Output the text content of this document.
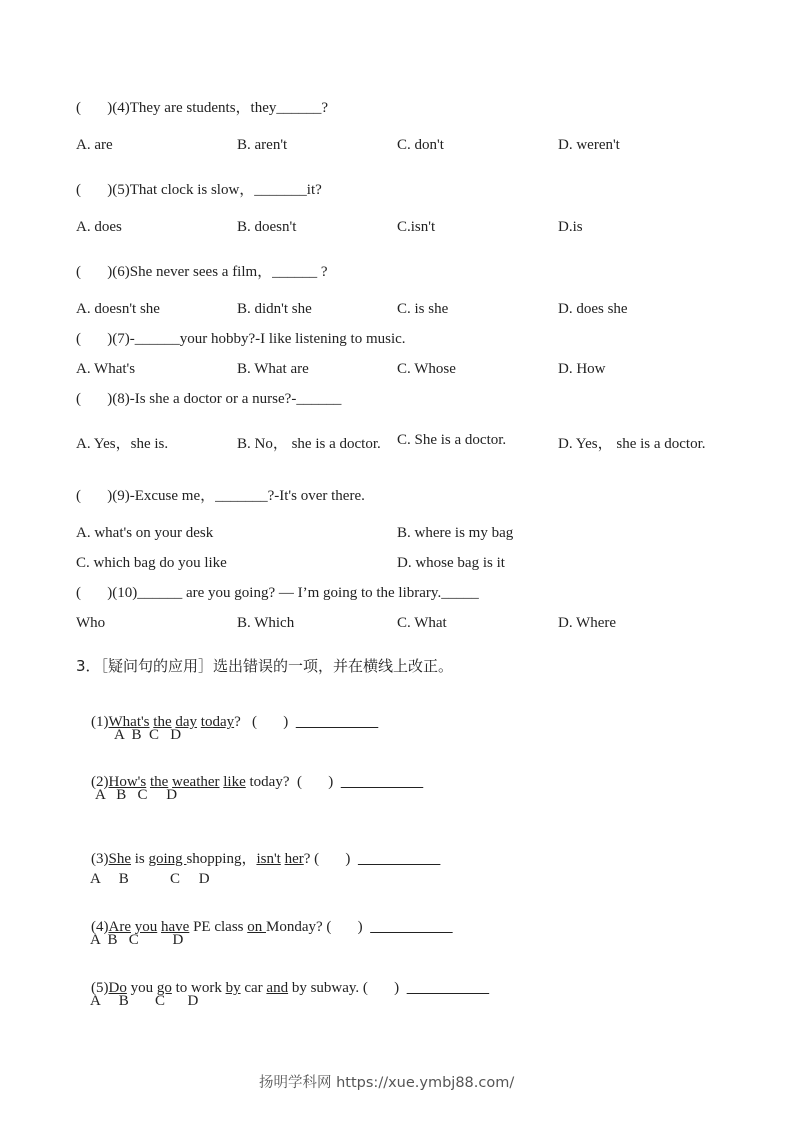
(       )(4)They are students，they______?
A. are	B. aren't	C. don't	D. weren't
(       )(5)That clock is slow，_______it?
A. does	B. doesn't	C.isn't	D.is
(       )(6)She never sees a film，______ ?
A. doesn't she	B. didn't she	C. is she	D. does she
(       )(7)-______your hobby?-I like listening to music.
A. What's	B. What are	C. Whose	D. How
(       )(8)-Is she a doctor or a nurse?-______
A. Yes，she is.	B. No， she is a doctor. C. She is a doctor.	D. Yes， she is a doctor.
(       )(9)-Excuse me，_______?-It's over there.
A. what's on your desk	B. where is my bag
C. which bag do you like	D. whose bag is it
(       )(10)______ are you going? — I’m going to the library._____
Who	B. Which	C. What	D. Where
3．［疑问句的应用］选出错误的一项，并在横线上改正。

(1)What's the day today?   (       )

A  B  C   D

(2)How's the weather like today?  (       )

A   B   C     D

(3)She is going shopping，isn't her? (       )

A     B           C     D

(4)Are you have PE class on Monday? (       )

A  B   C         D

(5)Do you go to work by car and by subway. (       )

A     B       C      D
扬明学科网 https://xue.ymbj88.com/
